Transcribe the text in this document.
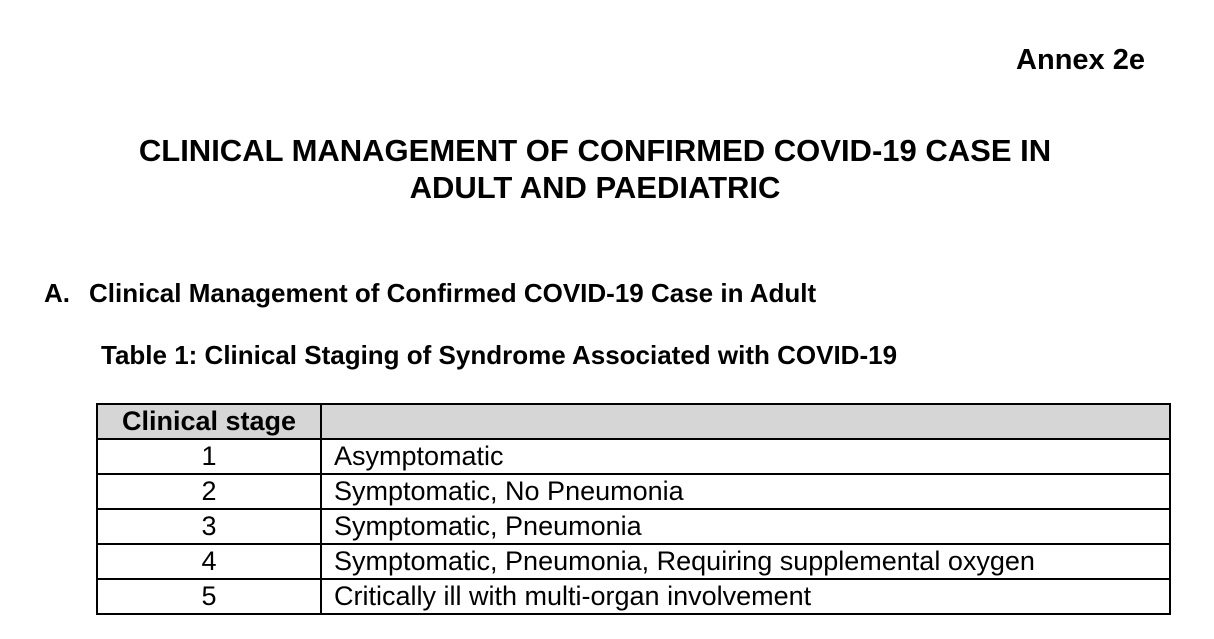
Annex 2e
CLINICAL MANAGEMENT OF CONFIRMED COVID-19 CASE IN
ADULT AND PAEDIATRIC
A. Clinical Management of Confirmed COVID-19 Case in Adult
Table 1: Clinical Staging of Syndrome Associated with COVID-19
Clinical stage	
1	Asymptomatic
2	Symptomatic, No Pneumonia
3	Symptomatic, Pneumonia
4	Symptomatic, Pneumonia, Requiring supplemental oxygen
5	Critically ill with multi-organ involvement
